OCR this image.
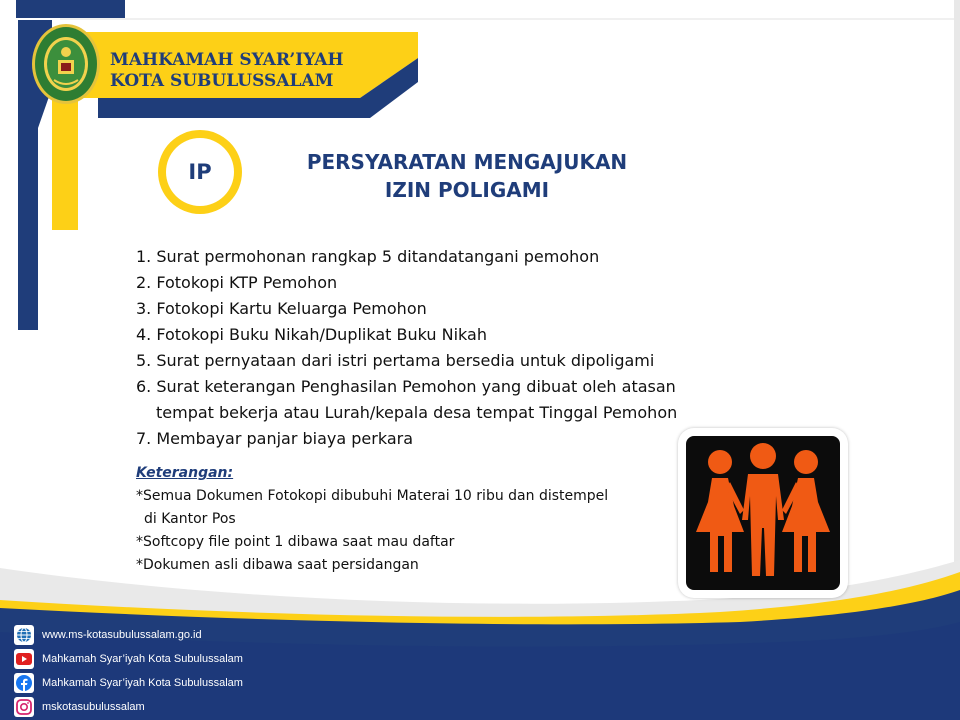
MAHKAMAH SYAR’IYAH
KOTA SUBULUSSALAM
IP	PERSYARATAN MENGAJUKAN
IZIN POLIGAMI
1. Surat permohonan rangkap 5 ditandatangani pemohon
2. Fotokopi KTP Pemohon
3. Fotokopi Kartu Keluarga Pemohon
4. Fotokopi Buku Nikah/Duplikat Buku Nikah
5. Surat pernyataan dari istri pertama bersedia untuk dipoligami
6. Surat keterangan Penghasilan Pemohon yang dibuat oleh atasan
tempat bekerja atau Lurah/kepala desa tempat Tinggal Pemohon
7. Membayar panjar biaya perkara
Keterangan:
*Semua Dokumen Fotokopi dibubuhi Materai 10 ribu dan distempel
di Kantor Pos
*Softcopy file point 1 dibawa saat mau daftar
*Dokumen asli dibawa saat persidangan
www.ms-kotasubulussalam.go.id
Mahkamah Syar’iyah Kota Subulussalam
Mahkamah Syar’iyah Kota Subulussalam
mskotasubulussalam
